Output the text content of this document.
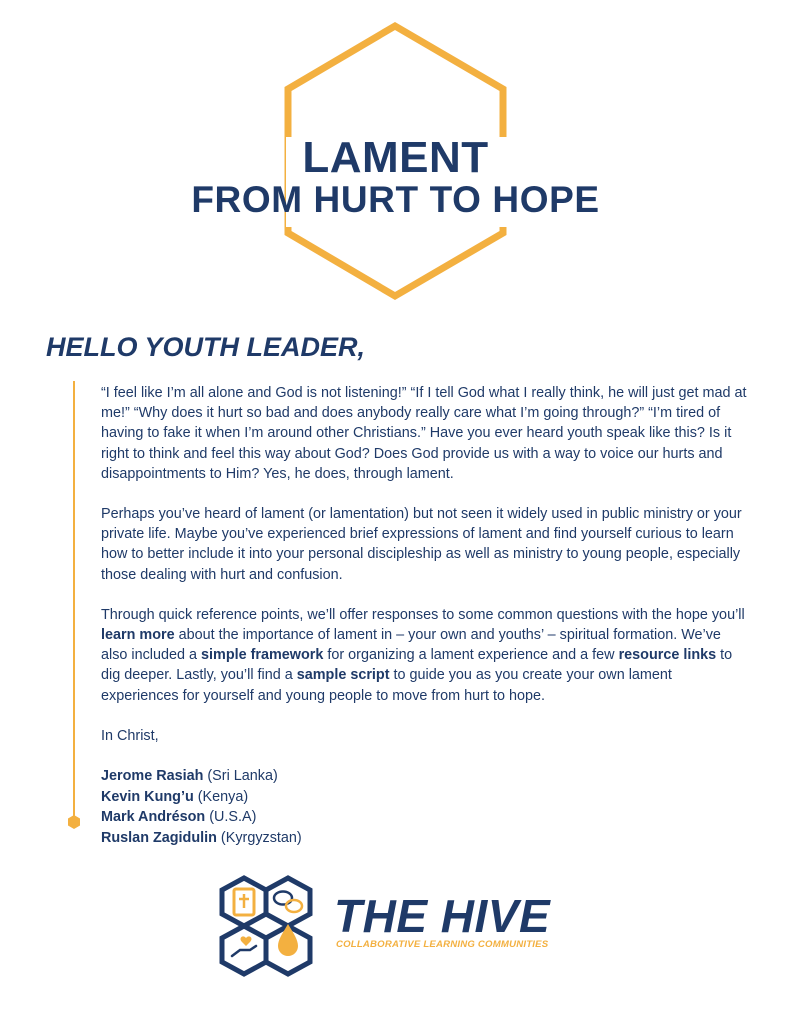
LAMENT
FROM HURT TO HOPE
HELLO YOUTH LEADER,

“I feel like I’m all alone and God is not listening!” “If I tell God what I really think, he will just get mad at me!” “Why does it hurt so bad and does anybody really care what I’m going through?” “I’m tired of having to fake it when I’m around other Christians.” Have you ever heard youth speak like this? Is it right to think and feel this way about God? Does God provide us with a way to voice our hurts and disappointments to Him? Yes, he does, through lament.

Perhaps you’ve heard of lament (or lamentation) but not seen it widely used in public ministry or your private life. Maybe you’ve experienced brief expressions of lament and find yourself curious to learn how to better include it into your personal discipleship as well as ministry to young people, especially those dealing with hurt and confusion.

Through quick reference points, we’ll offer responses to some common questions with the hope you’ll learn more about the importance of lament in – your own and youths’ – spiritual formation. We’ve also included a simple framework for organizing a lament experience and a few resource links to dig deeper. Lastly, you’ll find a sample script to guide you as you create your own lament experiences for yourself and young people to move from hurt to hope.

In Christ,

Jerome Rasiah (Sri Lanka)
Kevin Kung’u (Kenya)
Mark Andréson (U.S.A)
Ruslan Zagidulin (Kyrgyzstan)
THE HIVE
COLLABORATIVE LEARNING COMMUNITIES
